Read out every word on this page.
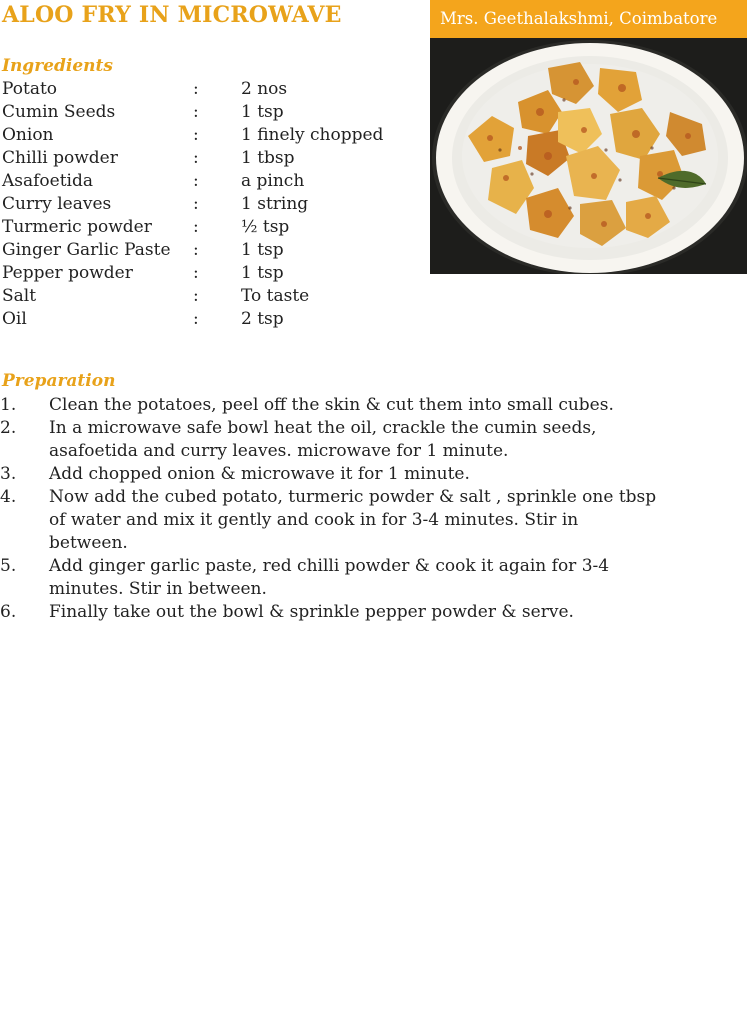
ALOO FRY IN MICROWAVE	Mrs. Geethalakshmi, Coimbatore
Ingredients
Potato	: 2 nos
Cumin Seeds	: 1 tsp
Onion	: 1 finely chopped
Chilli powder	: 1 tbsp
Asafoetida	: a pinch
Curry leaves	: 1 string
Turmeric powder : ½ tsp
Ginger Garlic Paste : 1 tsp
Pepper powder	: 1 tsp
Salt	: To taste
Oil	: 2 tsp
Preparation
1. Clean the potatoes, peel off the skin & cut them into small cubes.
2. In a microwave safe bowl heat the oil, crackle the cumin seeds, asafoetida and curry leaves. microwave for 1 minute.
3. Add chopped onion & microwave it for 1 minute.
4. Now add the cubed potato, turmeric powder & salt , sprinkle one tbsp of water and mix it gently and cook in for 3-4 minutes. Stir in between.
5. Add ginger garlic paste, red chilli powder & cook it again for 3-4 minutes. Stir in between.
6. Finally take out the bowl & sprinkle pepper powder & serve.
